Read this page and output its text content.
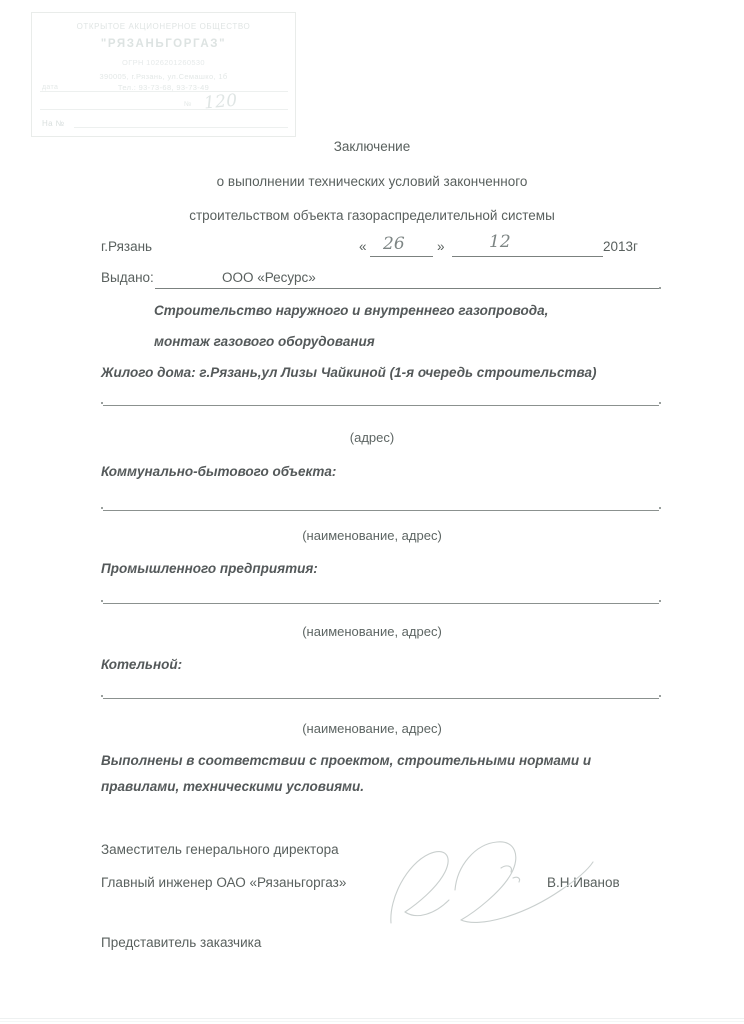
ОТКРЫТОЕ АКЦИОНЕРНОЕ ОБЩЕСТВО
"РЯЗАНЬГОРГАЗ"
ОГРН 1026201260530
390005, г.Рязань, ул.Семашко, 1б
Тел.: 93-73-68, 93-73-49
дата
№ 120
На №
Заключение
о выполнении технических условий законченного
строительством объекта газораспределительной системы
г.Рязань	« 26 »	12	2013г
Выдано:	ООО «Ресурс»
Строительство наружного и внутреннего газопровода,
монтаж газового оборудования
Жилого дома: г.Рязань,ул Лизы Чайкиной (1-я очередь строительства)
(адрес)
Коммунально-бытового объекта:
(наименование, адрес)
Промышленного предприятия:
(наименование, адрес)
Котельной:
(наименование, адрес)
Выполнены в соответствии с проектом, строительными нормами и
правилами, техническими условиями.
Заместитель генерального директора
Главный инженер ОАО «Рязаньгоргаз»	В.Н.Иванов
Представитель заказчика
